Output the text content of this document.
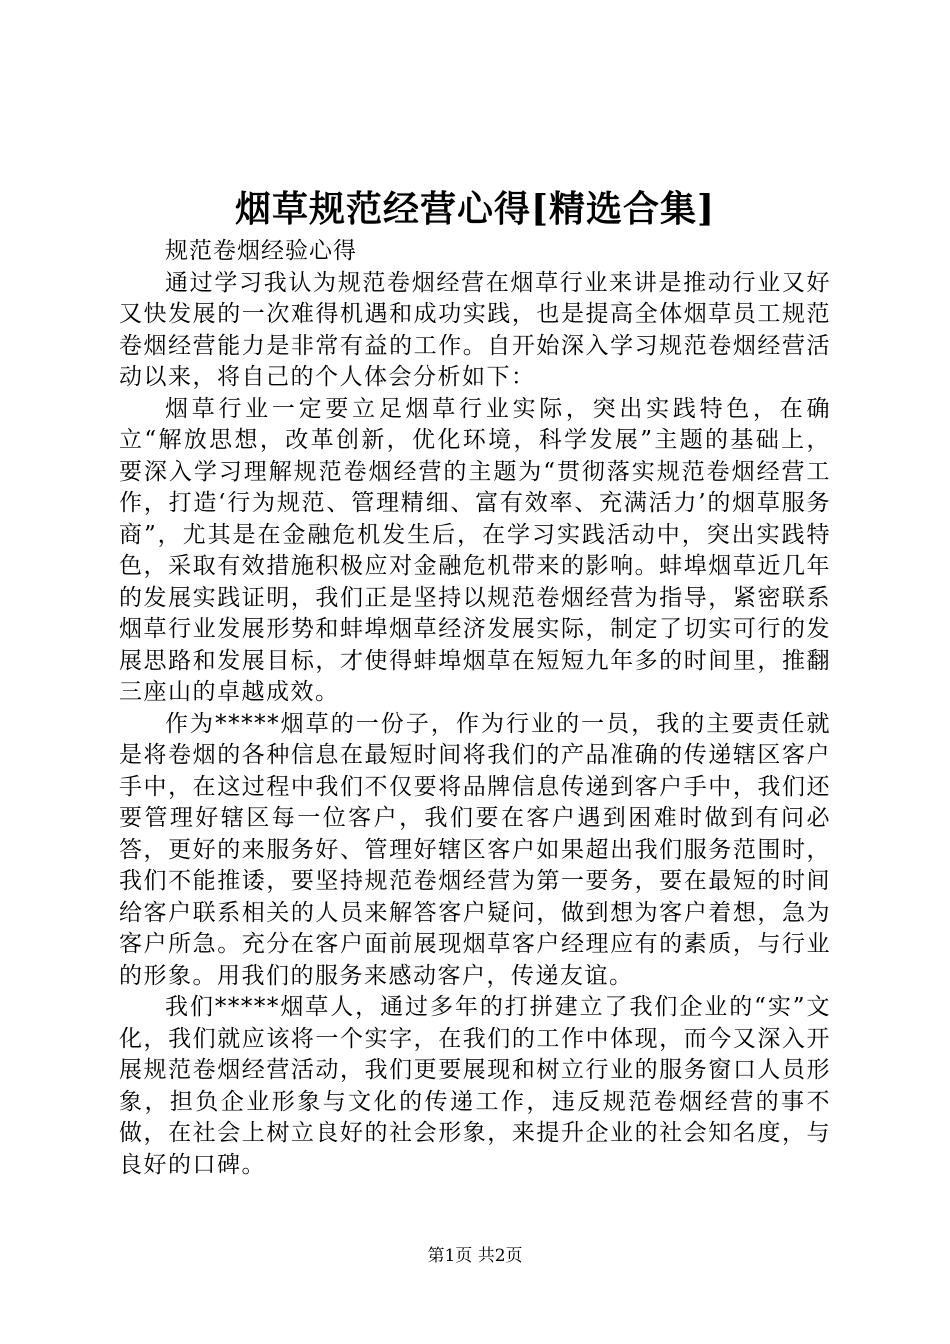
烟草规范经营心得[精选合集]

规范卷烟经验心得

通过学习我认为规范卷烟经营在烟草行业来讲是推动行业又好又快发展的一次难得机遇和成功实践，也是提高全体烟草员工规范卷烟经营能力是非常有益的工作。自开始深入学习规范卷烟经营活动以来，将自己的个人体会分析如下：

烟草行业一定要立足烟草行业实际，突出实践特色，在确立“解放思想，改革创新，优化环境，科学发展”主题的基础上，要深入学习理解规范卷烟经营的主题为“贯彻落实规范卷烟经营工作，打造‘行为规范、管理精细、富有效率、充满活力’的烟草服务商”，尤其是在金融危机发生后，在学习实践活动中，突出实践特色，采取有效措施积极应对金融危机带来的影响。蚌埠烟草近几年的发展实践证明，我们正是坚持以规范卷烟经营为指导，紧密联系烟草行业发展形势和蚌埠烟草经济发展实际，制定了切实可行的发展思路和发展目标，才使得蚌埠烟草在短短九年多的时间里，推翻三座山的卓越成效。

作为*****烟草的一份子，作为行业的一员，我的主要责任就是将卷烟的各种信息在最短时间将我们的产品准确的传递辖区客户手中，在这过程中我们不仅要将品牌信息传递到客户手中，我们还要管理好辖区每一位客户，我们要在客户遇到困难时做到有问必答，更好的来服务好、管理好辖区客户如果超出我们服务范围时，我们不能推诿，要坚持规范卷烟经营为第一要务，要在最短的时间给客户联系相关的人员来解答客户疑问，做到想为客户着想，急为客户所急。充分在客户面前展现烟草客户经理应有的素质，与行业的形象。用我们的服务来感动客户，传递友谊。

我们*****烟草人，通过多年的打拼建立了我们企业的“实”文化，我们就应该将一个实字，在我们的工作中体现，而今又深入开展规范卷烟经营活动，我们更要展现和树立行业的服务窗口人员形象，担负企业形象与文化的传递工作，违反规范卷烟经营的事不做，在社会上树立良好的社会形象，来提升企业的社会知名度，与良好的口碑。

第1页 共2页
